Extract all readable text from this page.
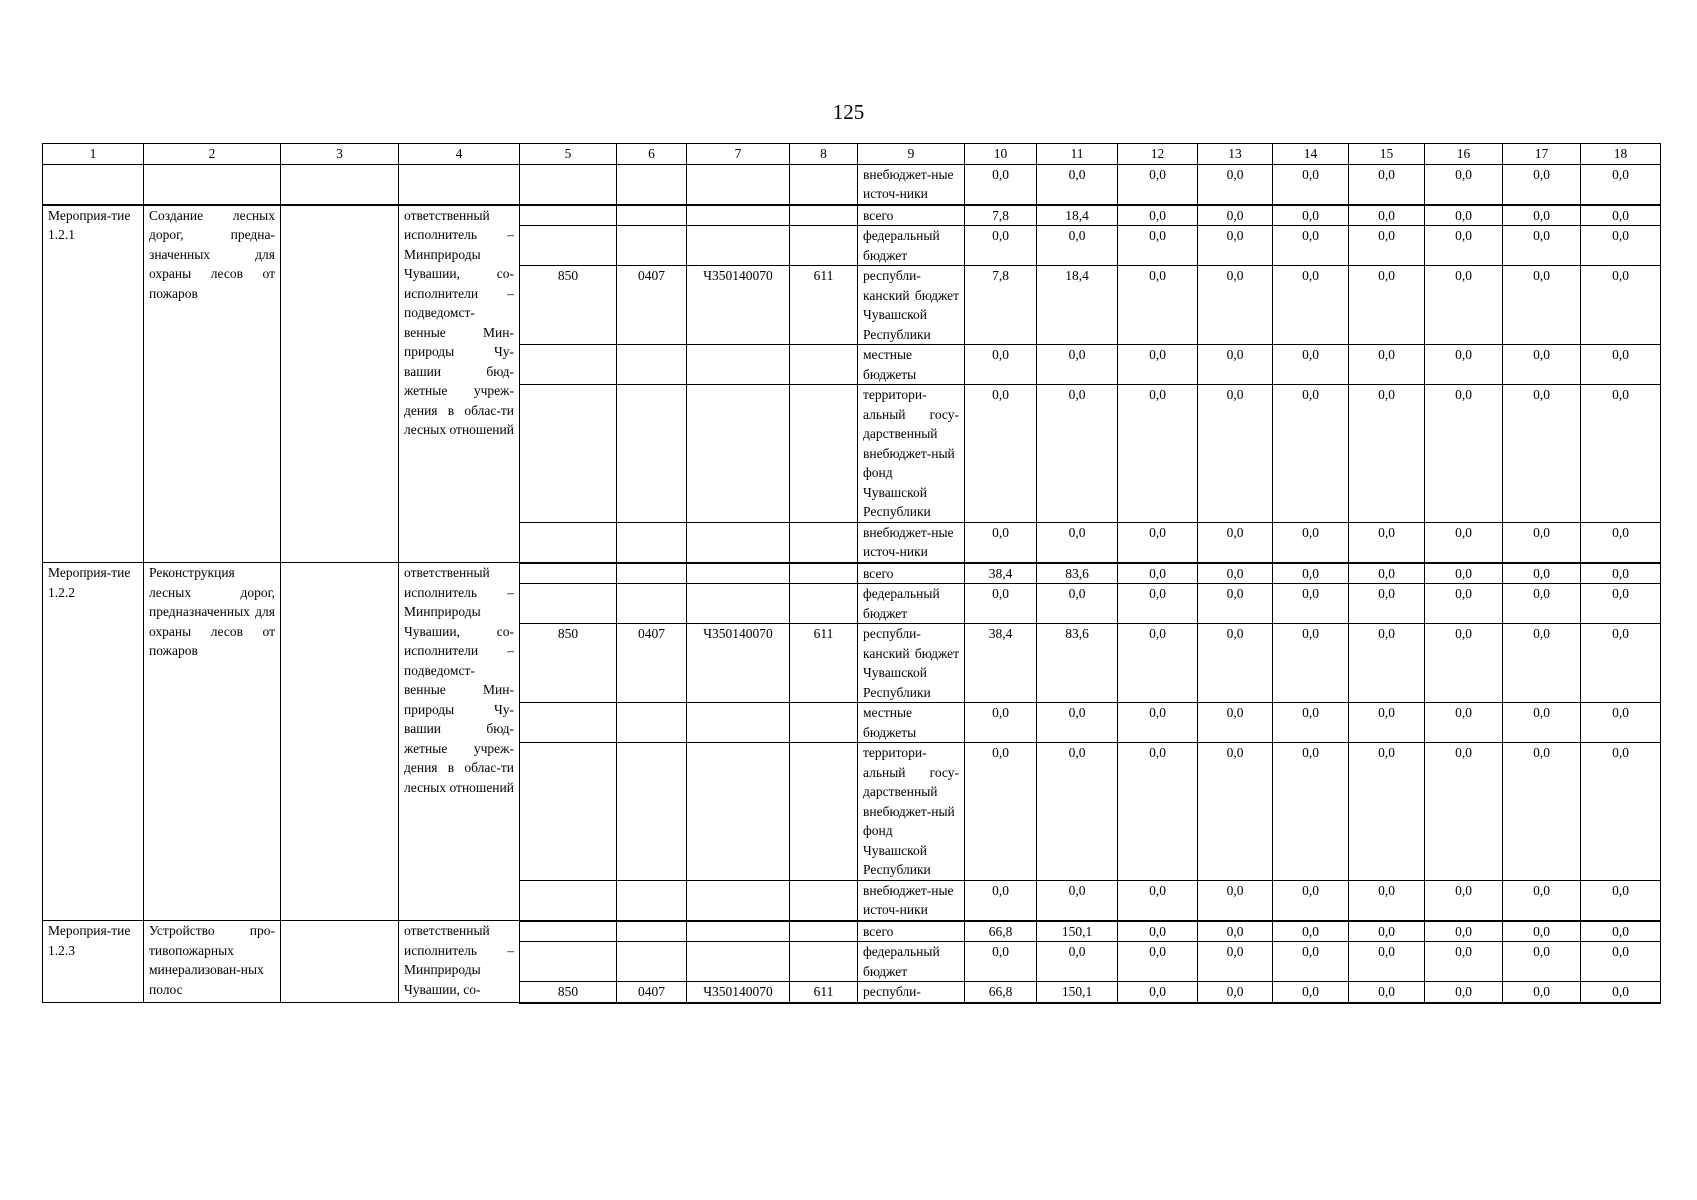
125
1	2	3	4	5	6	7	8	9	10	11	12	13	14	15	16	17	18
								внебюджет-ные источ-ники	0,0	0,0	0,0	0,0	0,0	0,0	0,0	0,0	0,0
Мероприя-тие 1.2.1	Создание лесных дорог, предна-значенных для охраны лесов от пожаров		ответственный исполнитель – Минприроды Чувашии, со-исполнители – подведомст-венные Мин-природы Чу-вашии бюд-жетные учреж-дения в облас-ти лесных отношений					всего	7,8	18,4	0,0	0,0	0,0	0,0	0,0	0,0	0,0
								федеральный бюджет	0,0	0,0	0,0	0,0	0,0	0,0	0,0	0,0	0,0
				850	0407	Ч350140070	611	республи-канский бюджет Чувашской Республики	7,8	18,4	0,0	0,0	0,0	0,0	0,0	0,0	0,0
								местные бюджеты	0,0	0,0	0,0	0,0	0,0	0,0	0,0	0,0	0,0
								территори-альный госу-дарственный внебюджет-ный фонд Чувашской Республики	0,0	0,0	0,0	0,0	0,0	0,0	0,0	0,0	0,0
								внебюджет-ные источ-ники	0,0	0,0	0,0	0,0	0,0	0,0	0,0	0,0	0,0
Мероприя-тие 1.2.2	Реконструкция лесных дорог, предназначенных для охраны лесов от пожаров		ответственный исполнитель – Минприроды Чувашии, со-исполнители – подведомст-венные Мин-природы Чу-вашии бюд-жетные учреж-дения в облас-ти лесных отношений					всего	38,4	83,6	0,0	0,0	0,0	0,0	0,0	0,0	0,0
								федеральный бюджет	0,0	0,0	0,0	0,0	0,0	0,0	0,0	0,0	0,0
				850	0407	Ч350140070	611	республи-канский бюджет Чувашской Республики	38,4	83,6	0,0	0,0	0,0	0,0	0,0	0,0	0,0
								местные бюджеты	0,0	0,0	0,0	0,0	0,0	0,0	0,0	0,0	0,0
								территори-альный госу-дарственный внебюджет-ный фонд Чувашской Республики	0,0	0,0	0,0	0,0	0,0	0,0	0,0	0,0	0,0
								внебюджет-ные источ-ники	0,0	0,0	0,0	0,0	0,0	0,0	0,0	0,0	0,0
Мероприя-тие 1.2.3	Устройство про-тивопожарных минерализован-ных полос		ответственный исполнитель – Минприроды Чувашии, со-					всего	66,8	150,1	0,0	0,0	0,0	0,0	0,0	0,0	0,0
								федеральный бюджет	0,0	0,0	0,0	0,0	0,0	0,0	0,0	0,0	0,0
				850	0407	Ч350140070	611	республи-	66,8	150,1	0,0	0,0	0,0	0,0	0,0	0,0	0,0
